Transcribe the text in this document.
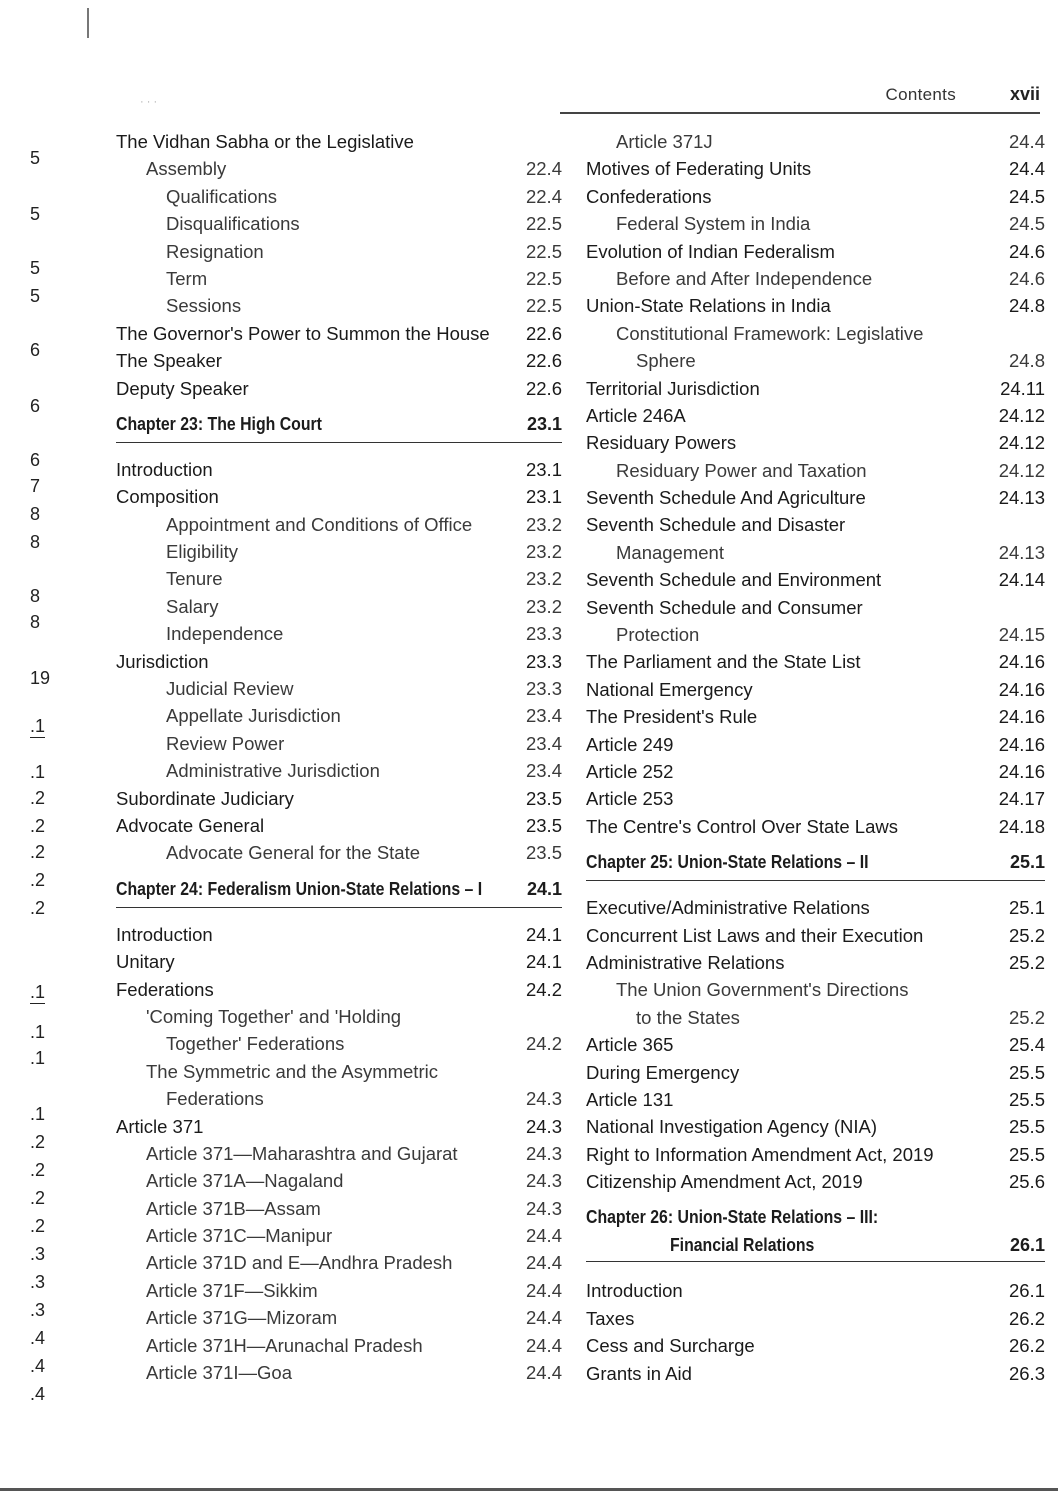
· · ·	Contents	xvii
5
5
5
5
6
6
6
7
8
8
8
8
19
.1
.1
.2
.2
.2
.2
.2
.1
.1
.1
.1
.2
.2
.2
.2
.3
.3
.3
.4
.4
.4
The Vidhan Sabha or the Legislative
Assembly	22.4
Qualifications	22.4
Disqualifications	22.5
Resignation	22.5
Term	22.5
Sessions	22.5
The Governor's Power to Summon the House 22.6
The Speaker	22.6
Deputy Speaker	22.6
Chapter 23: The High Court	23.1
Introduction	23.1
Composition	23.1
Appointment and Conditions of Office	23.2
Eligibility	23.2
Tenure	23.2
Salary	23.2
Independence	23.3
Jurisdiction	23.3
Judicial Review	23.3
Appellate Jurisdiction	23.4
Review Power	23.4
Administrative Jurisdiction	23.4
Subordinate Judiciary	23.5
Advocate General	23.5
Advocate General for the State	23.5
Chapter 24: Federalism Union-State Relations – I 24.1
Introduction	24.1
Unitary	24.1
Federations	24.2
'Coming Together' and 'Holding
Together' Federations	24.2
The Symmetric and the Asymmetric
Federations	24.3
Article 371	24.3
Article 371—Maharashtra and Gujarat	24.3
Article 371A—Nagaland	24.3
Article 371B—Assam	24.3
Article 371C—Manipur	24.4
Article 371D and E—Andhra Pradesh	24.4
Article 371F—Sikkim	24.4
Article 371G—Mizoram	24.4
Article 371H—Arunachal Pradesh	24.4
Article 371I—Goa	24.4
Article 371J	24.4
Motives of Federating Units	24.4
Confederations	24.5
Federal System in India	24.5
Evolution of Indian Federalism	24.6
Before and After Independence	24.6
Union-State Relations in India	24.8
Constitutional Framework: Legislative
Sphere	24.8
Territorial Jurisdiction	24.11
Article 246A	24.12
Residuary Powers	24.12
Residuary Power and Taxation	24.12
Seventh Schedule And Agriculture	24.13
Seventh Schedule and Disaster
Management	24.13
Seventh Schedule and Environment	24.14
Seventh Schedule and Consumer
Protection	24.15
The Parliament and the State List	24.16
National Emergency	24.16
The President's Rule	24.16
Article 249	24.16
Article 252	24.16
Article 253	24.17
The Centre's Control Over State Laws	24.18
Chapter 25: Union-State Relations – II	25.1
Executive/Administrative Relations	25.1
Concurrent List Laws and their Execution	25.2
Administrative Relations	25.2
The Union Government's Directions
to the States	25.2
Article 365	25.4
During Emergency	25.5
Article 131	25.5
National Investigation Agency (NIA)	25.5
Right to Information Amendment Act, 2019	25.5
Citizenship Amendment Act, 2019	25.6
Chapter 26: Union-State Relations – III:
Financial Relations	26.1
Introduction	26.1
Taxes	26.2
Cess and Surcharge	26.2
Grants in Aid	26.3
